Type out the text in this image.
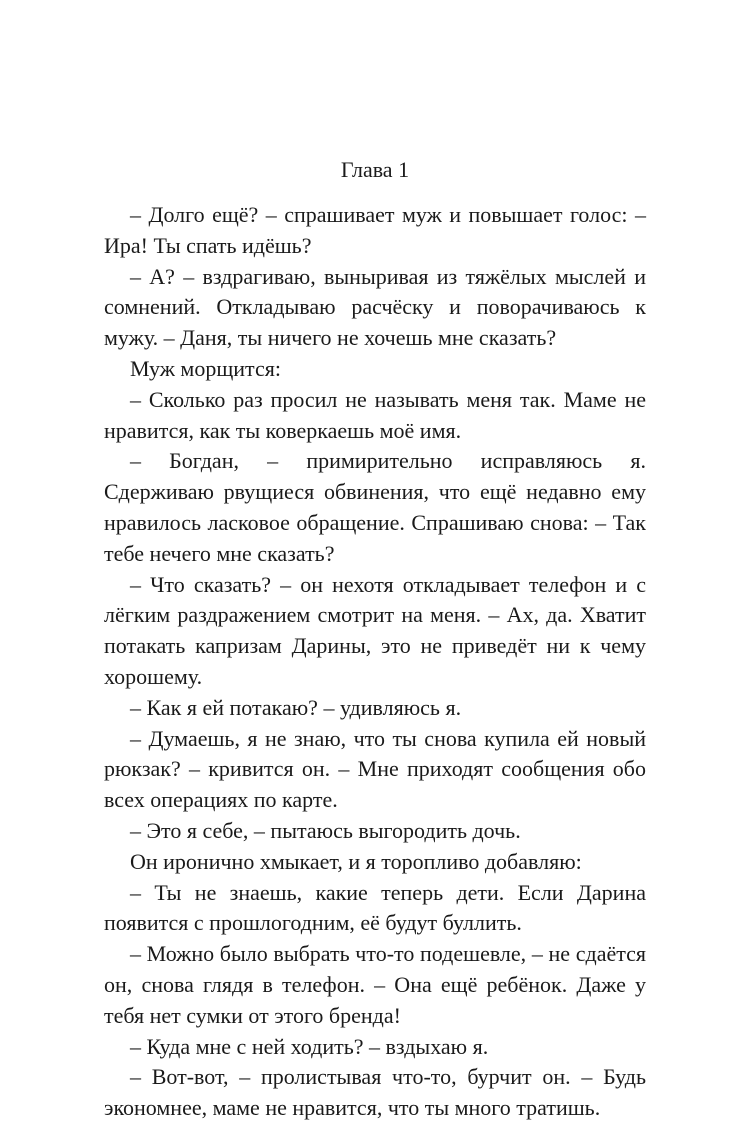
Глава 1

– Долго ещё? – спрашивает муж и повышает голос: – Ира! Ты спать идёшь?

– А? – вздрагиваю, выныривая из тяжёлых мыслей и сомнений. Откладываю расчёску и поворачиваюсь к мужу. – Даня, ты ничего не хочешь мне сказать?

Муж морщится:

– Сколько раз просил не называть меня так. Маме не нравится, как ты коверкаешь моё имя.

– Богдан, – примирительно исправляюсь я. Сдерживаю рвущиеся обвинения, что ещё недавно ему нравилось ласковое обращение. Спрашиваю снова: – Так тебе нечего мне сказать?

– Что сказать? – он нехотя откладывает телефон и с лёгким раздражением смотрит на меня. – Ах, да. Хватит потакать капризам Дарины, это не приведёт ни к чему хорошему.

– Как я ей потакаю? – удивляюсь я.

– Думаешь, я не знаю, что ты снова купила ей новый рюкзак? – кривится он. – Мне приходят сообщения обо всех операциях по карте.

– Это я себе, – пытаюсь выгородить дочь.

Он иронично хмыкает, и я торопливо добавляю:

– Ты не знаешь, какие теперь дети. Если Дарина появится с прошлогодним, её будут буллить.

– Можно было выбрать что-то подешевле, – не сдаётся он, снова глядя в телефон. – Она ещё ребёнок. Даже у тебя нет сумки от этого бренда!

– Куда мне с ней ходить? – вздыхаю я.

– Вот-вот, – пролистывая что-то, бурчит он. – Будь экономнее, маме не нравится, что ты много тратишь.
